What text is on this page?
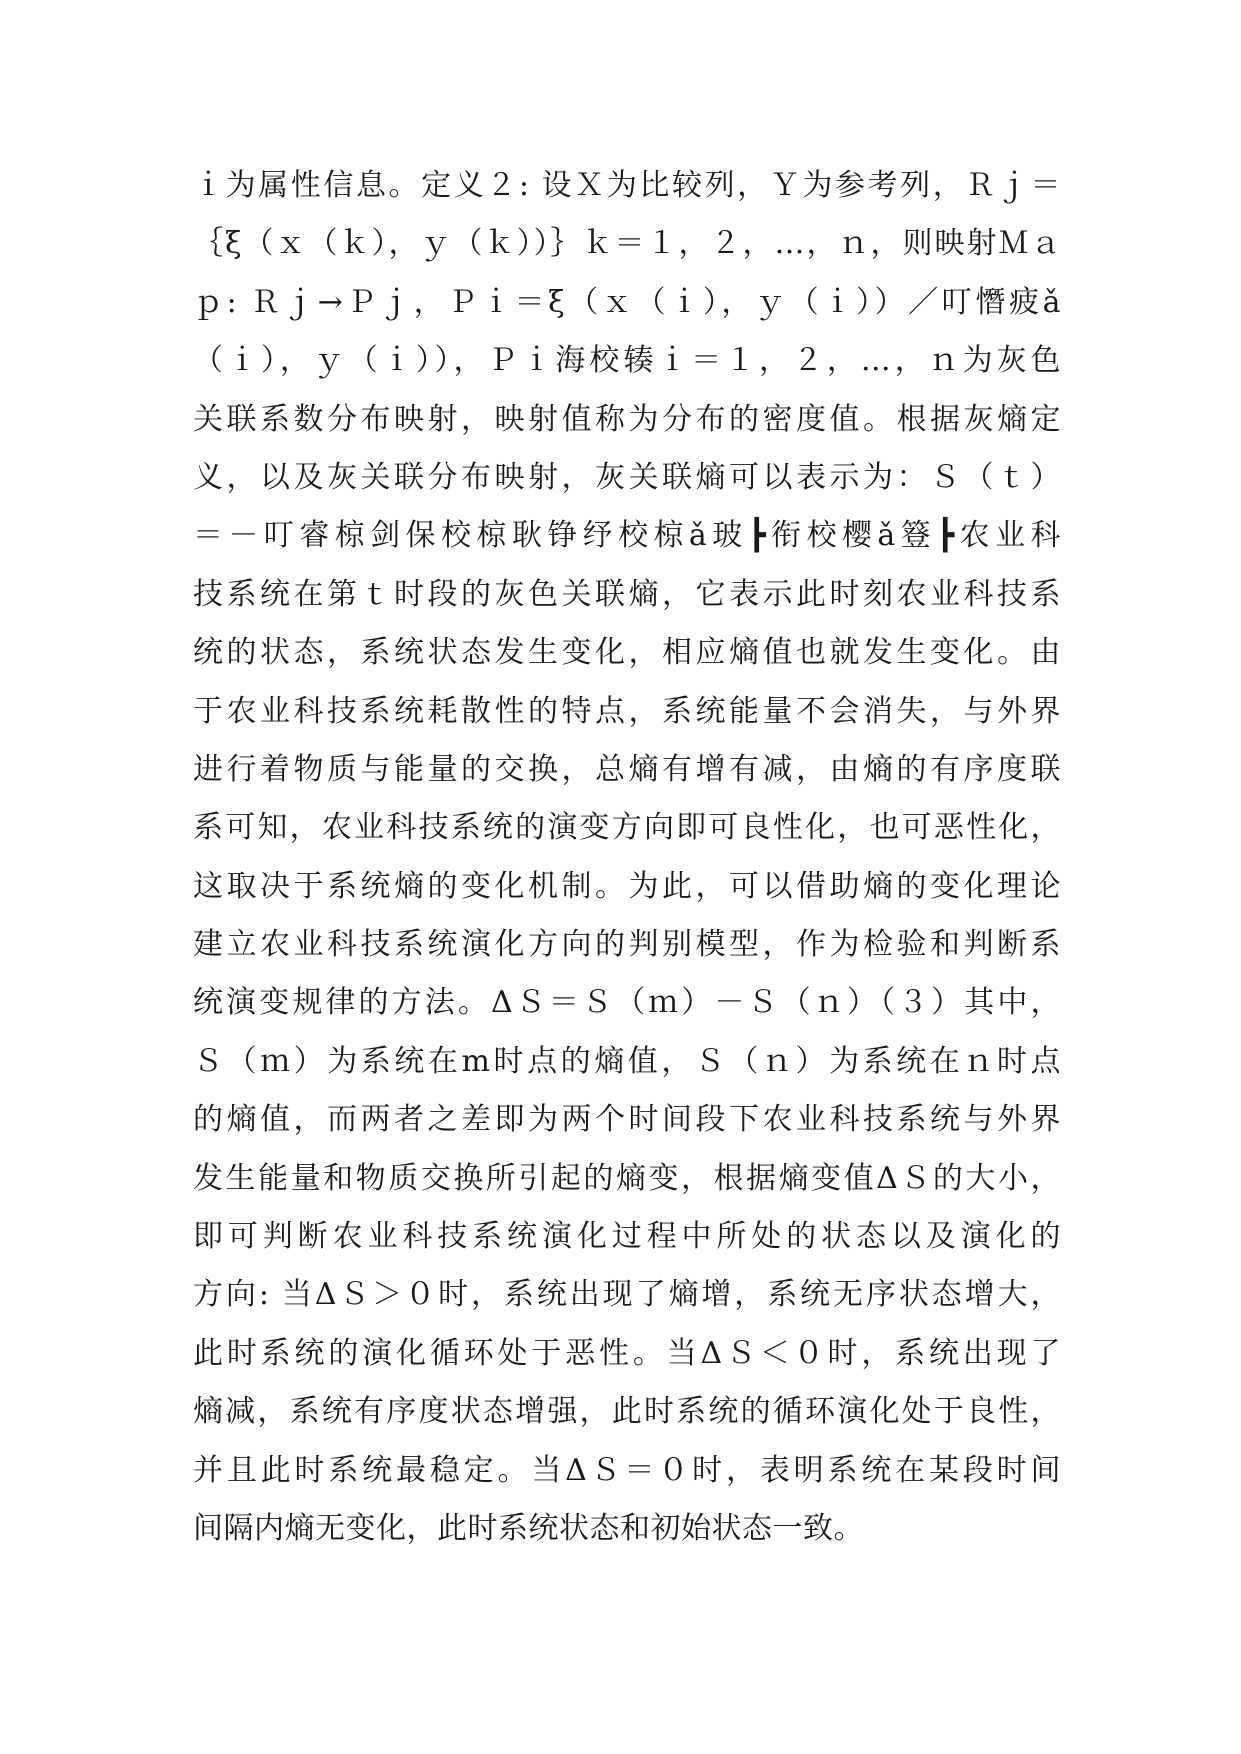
ｉ为属性信息。定义２: 设Ｘ为比较列，Ｙ为参考列，Ｒｊ＝
｛ξ（ｘ（ｋ），ｙ（ｋ））｝ｋ＝１，２，…，ｎ，则映射Ｍａ
ｐ: Ｒｊ→Ｐｊ，Ｐｉ＝ξ（ｘ（ｉ），ｙ（ｉ））／叮憯疲ǎ
（ｉ），ｙ（ｉ）），Ｐｉ海校辏ｉ＝１，２，…，ｎ为灰色
关联系数分布映射，映射值称为分布的密度值。根据灰熵定
义，以及灰关联分布映射，灰关联熵可以表示为：Ｓ（ｔ）
＝－叮睿椋剑保校椋耿铮纾校椋ǎ玻┣衔校樱ǎ簦┣农业科
技系统在第ｔ时段的灰色关联熵，它表示此时刻农业科技系
统的状态，系统状态发生变化，相应熵值也就发生变化。由
于农业科技系统耗散性的特点，系统能量不会消失，与外界
进行着物质与能量的交换，总熵有增有减，由熵的有序度联
系可知，农业科技系统的演变方向即可良性化，也可恶性化，
这取决于系统熵的变化机制。为此，可以借助熵的变化理论
建立农业科技系统演化方向的判别模型，作为检验和判断系
统演变规律的方法。ΔＳ＝Ｓ（ｍ）－Ｓ（ｎ）（３）其中，
Ｓ（ｍ）为系统在m时点的熵值，Ｓ（ｎ）为系统在ｎ时点
的熵值，而两者之差即为两个时间段下农业科技系统与外界
发生能量和物质交换所引起的熵变，根据熵变值ΔＳ的大小，
即可判断农业科技系统演化过程中所处的状态以及演化的
方向: 当ΔＳ＞０时，系统出现了熵增，系统无序状态增大，
此时系统的演化循环处于恶性。当ΔＳ＜０时，系统出现了
熵减，系统有序度状态增强，此时系统的循环演化处于良性，
并且此时系统最稳定。当ΔＳ＝０时，表明系统在某段时间
间隔内熵无变化，此时系统状态和初始状态一致。
